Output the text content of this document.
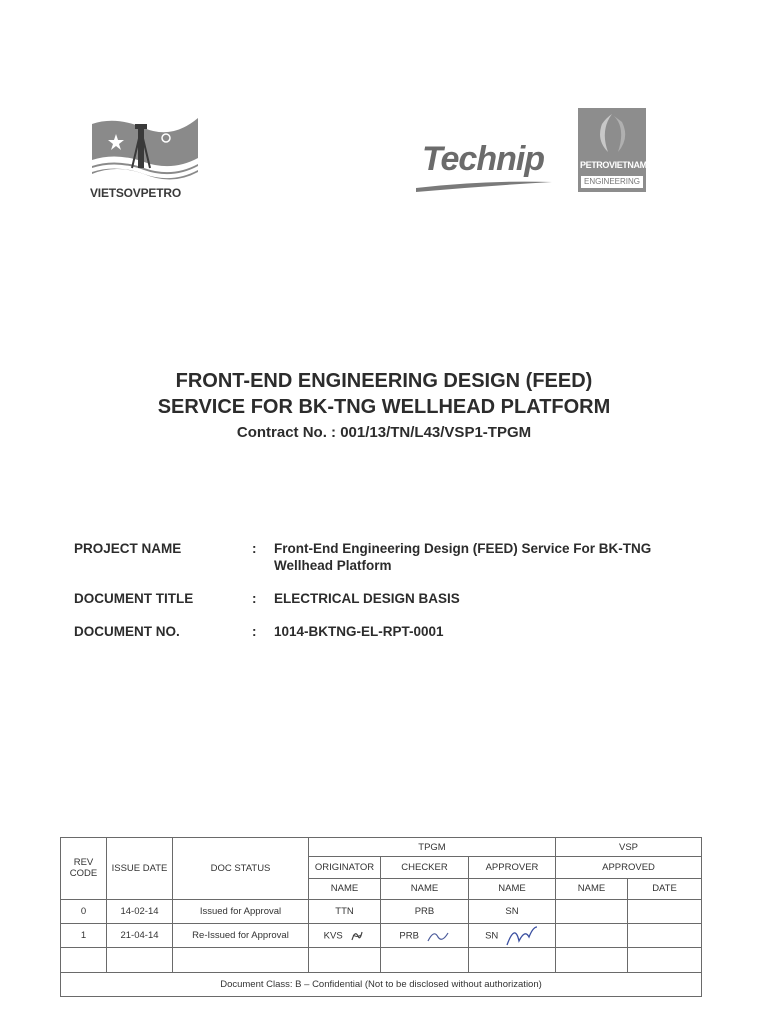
VIETSOVPETRO
Technip	PETROVIETNAM
ENGINEERING
FRONT-END ENGINEERING DESIGN (FEED)
SERVICE FOR BK-TNG WELLHEAD PLATFORM
Contract No. : 001/13/TN/L43/VSP1-TPGM
PROJECT NAME	:	Front-End Engineering Design (FEED) Service For BK-TNG Wellhead Platform
DOCUMENT TITLE	:	ELECTRICAL DESIGN BASIS
DOCUMENT NO.	:	1014-BKTNG-EL-RPT-0001
REV CODE	ISSUE DATE	DOC STATUS	TPGM			VSP	
			ORIGINATOR	CHECKER	APPROVER	APPROVED	
			NAME	NAME	NAME	NAME	DATE
0	14-02-14	Issued for Approval	TTN	PRB	SN		
1	21-04-14	Re-Issued for Approval	KVS	PRB	SN		

Document Class: B – Confidential (Not to be disclosed without authorization)							
